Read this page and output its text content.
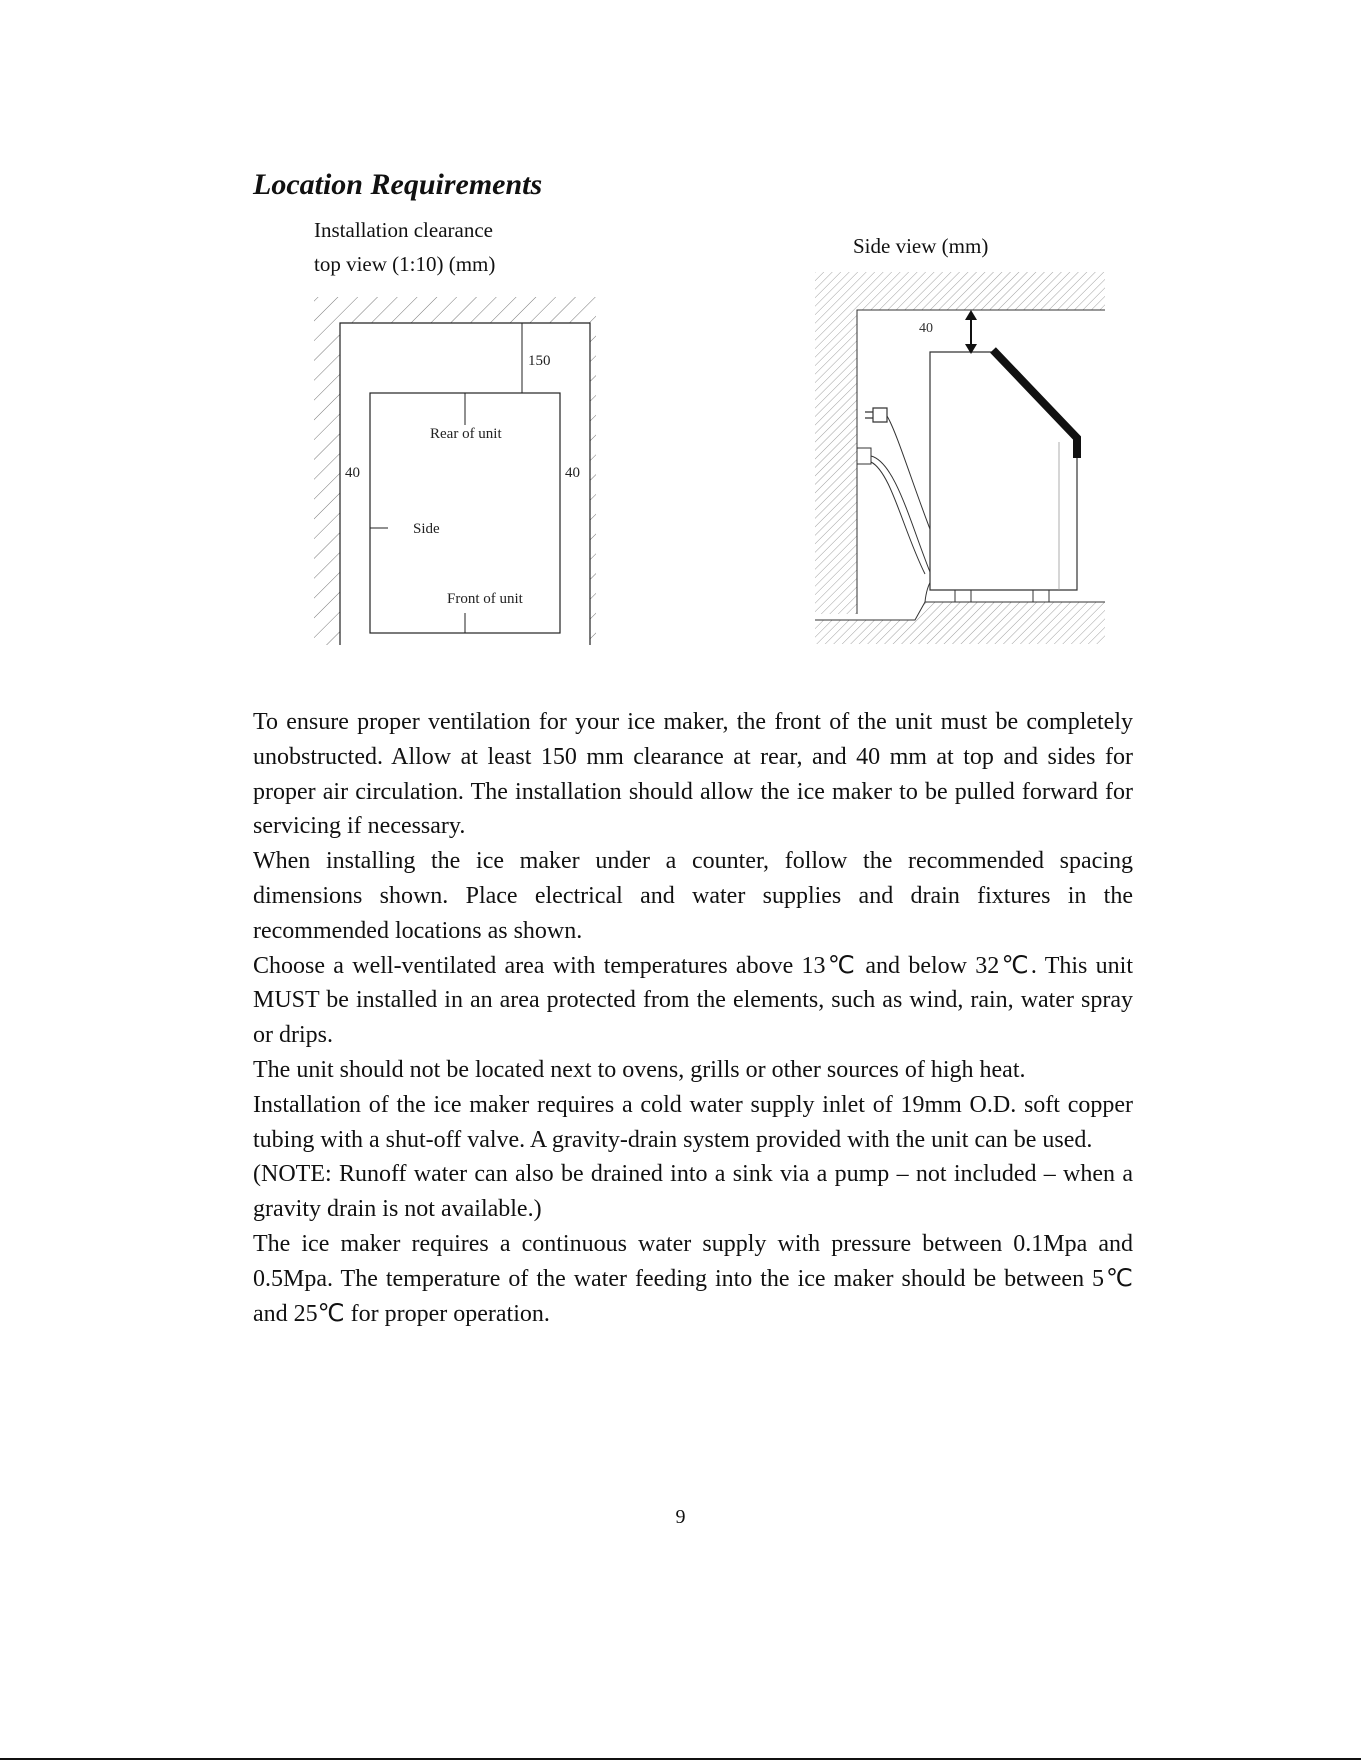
Location Requirements

Installation clearance

top view (1:10) (mm)

Side view (mm)

150
Rear of unit
40	40
Side
Front of unit
40

To ensure proper ventilation for your ice maker, the front of the unit must be completely unobstructed. Allow at least 150 mm clearance at rear, and 40 mm at top and sides for proper air circulation. The installation should allow the ice maker to be pulled forward for servicing if necessary.

When installing the ice maker under a counter, follow the recommended spacing dimensions shown. Place electrical and water supplies and drain fixtures in the recommended locations as shown.

Choose a well-ventilated area with temperatures above 13℃ and below 32℃. This unit MUST be installed in an area protected from the elements, such as wind, rain, water spray or drips.

The unit should not be located next to ovens, grills or other sources of high heat.

Installation of the ice maker requires a cold water supply inlet of 19mm O.D. soft copper tubing with a shut-off valve. A gravity-drain system provided with the unit can be used.

(NOTE: Runoff water can also be drained into a sink via a pump – not included – when a gravity drain is not available.)

The ice maker requires a continuous water supply with pressure between 0.1Mpa and 0.5Mpa. The temperature of the water feeding into the ice maker should be between 5℃ and 25℃ for proper operation.

9
